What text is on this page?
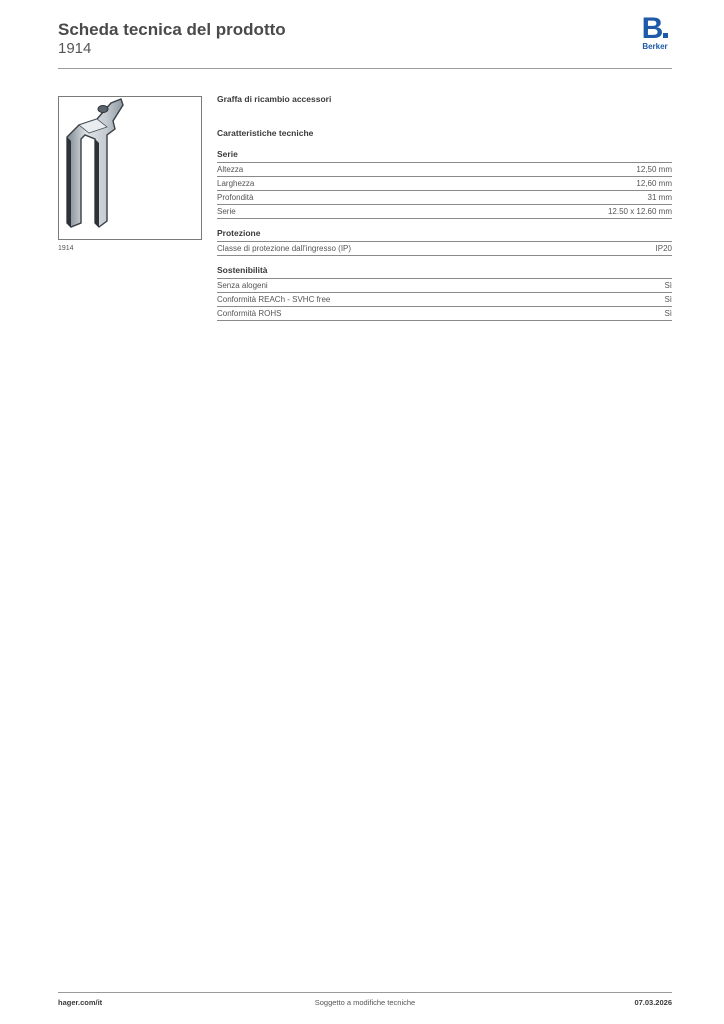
Scheda tecnica del prodotto
1914
B
Berker
1914
Graffa di ricambio accessori
Caratteristiche tecniche
Serie
Altezza	12,50 mm
Larghezza	12,60 mm
Profondità	31 mm
Serie	12.50 x 12.60 mm
Protezione
Classe di protezione dall'ingresso (IP)	IP20
Sostenibilità
Senza alogeni	Sì
Conformità REACh - SVHC free	Sì
Conformità ROHS	Sì
hager.com/it	Soggetto a modifiche tecniche	07.03.2026
